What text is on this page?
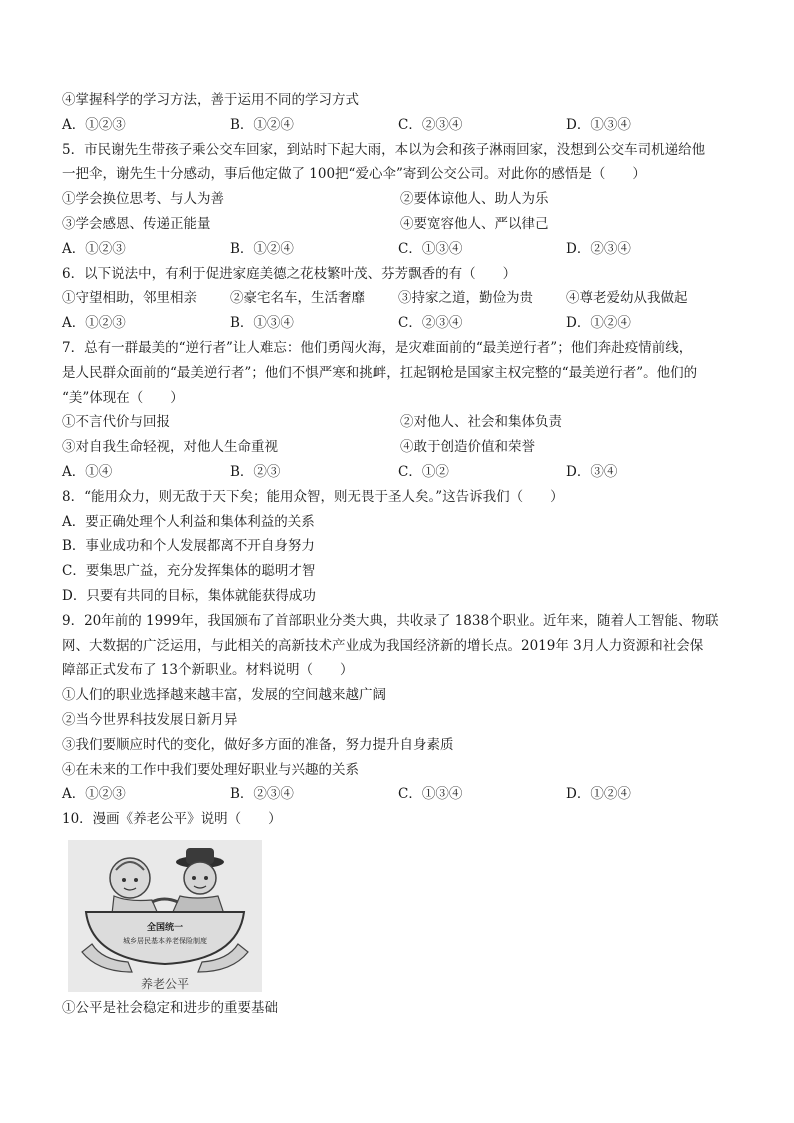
④掌握科学的学习方法，善于运用不同的学习方式
A．①②③	B．①②④	C．②③④	D．①③④
5．市民谢先生带孩子乘公交车回家，到站时下起大雨，本以为会和孩子淋雨回家，没想到公交车司机递给他
一把伞，谢先生十分感动，事后他定做了 100把“爱心伞”寄到公交公司。对此你的感悟是（　　）
①学会换位思考、与人为善	②要体谅他人、助人为乐
③学会感恩、传递正能量	④要宽容他人、严以律己
A．①②③	B．①②④	C．①③④	D．②③④
6．以下说法中，有利于促进家庭美德之花枝繁叶茂、芬芳飘香的有（　　）
①守望相助，邻里相亲	②豪宅名车，生活奢靡	③持家之道，勤俭为贵	④尊老爱幼从我做起
A．①②③	B．①③④	C．②③④	D．①②④
7．总有一群最美的“逆行者”让人难忘：他们勇闯火海，是灾难面前的“最美逆行者”；他们奔赴疫情前线，
是人民群众面前的“最美逆行者”；他们不惧严寒和挑衅，扛起钢枪是国家主权完整的“最美逆行者”。他们的
“美”体现在（　　）
①不言代价与回报	②对他人、社会和集体负责
③对自我生命轻视，对他人生命重视	④敢于创造价值和荣誉
A．①④	B．②③	C．①②	D．③④
8．“能用众力，则无敌于天下矣；能用众智，则无畏于圣人矣。”这告诉我们（　　）
A．要正确处理个人利益和集体利益的关系
B．事业成功和个人发展都离不开自身努力
C．要集思广益，充分发挥集体的聪明才智
D．只要有共同的目标，集体就能获得成功
9．20年前的 1999年，我国颁布了首部职业分类大典，共收录了 1838个职业。近年来，随着人工智能、物联
网、大数据的广泛运用，与此相关的高新技术产业成为我国经济新的增长点。2019年 3月人力资源和社会保
障部正式发布了 13个新职业。材料说明（　　）
①人们的职业选择越来越丰富，发展的空间越来越广阔
②当今世界科技发展日新月异
③我们要顺应时代的变化，做好多方面的准备，努力提升自身素质
④在未来的工作中我们要处理好职业与兴趣的关系
A．①②③	B．②③④	C．①③④	D．①②④
10．漫画《养老公平》说明（　　）
全国统一
城乡居民基本养老保险制度
养老公平
①公平是社会稳定和进步的重要基础
